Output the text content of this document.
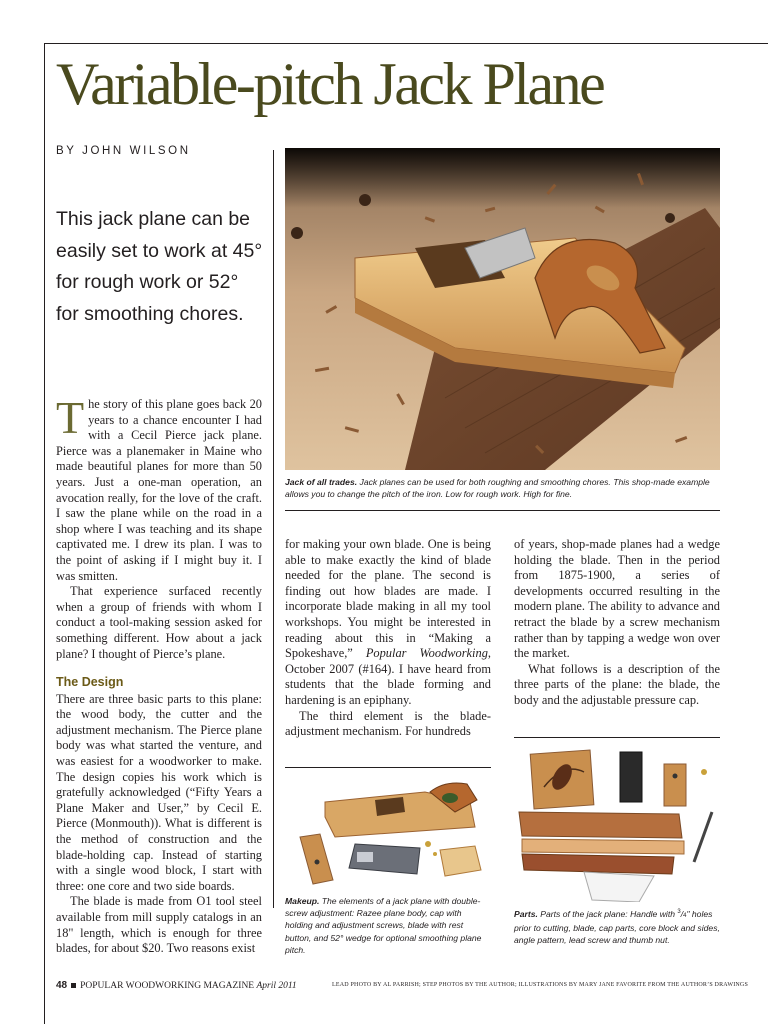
Variable-pitch Jack Plane
BY JOHN WILSON
This jack plane can be easily set to work at 45° for rough work or 52° for smoothing chores.

The story of this plane goes back 20 years to a chance encounter I had with a Cecil Pierce jack plane. Pierce was a planemaker in Maine who made beautiful planes for more than 50 years. Just a one-man operation, an avocation really, for the love of the craft. I saw the plane while on the road in a shop where I was teaching and its shape captivated me. I drew its plan. I was to the point of asking if I might buy it. I was smitten.

That experience surfaced recently when a group of friends with whom I conduct a tool-making session asked for something different. How about a jack plane? I thought of Pierce’s plane.

The Design

There are three basic parts to this plane: the wood body, the cutter and the adjustment mechanism. The Pierce plane body was what started the venture, and was easiest for a woodworker to make. The design copies his work which is gratefully acknowledged (“Fifty Years a Plane Maker and User,” by Cecil E. Pierce (Monmouth)). What is different is the method of construction and the blade-holding cap. Instead of starting with a single wood block, I start with three: one core and two side boards.

The blade is made from O1 tool steel available from mill supply catalogs in an 18" length, which is enough for three blades, for about $20. Two reasons exist

Jack of all trades. Jack planes can be used for both roughing and smoothing chores. This shop-made example allows you to change the pitch of the iron. Low for rough work. High for fine.

for making your own blade. One is being able to make exactly the kind of blade needed for the plane. The second is finding out how blades are made. I incorporate blade making in all my tool workshops. You might be interested in reading about this in “Making a Spokeshave,” Popular Woodworking, October 2007 (#164). I have heard from students that the blade forming and hardening is an epiphany.

The third element is the blade-adjustment mechanism. For hundreds

of years, shop-made planes had a wedge holding the blade. Then in the period from 1875-1900, a series of developments occurred resulting in the modern plane. The ability to advance and retract the blade by a screw mechanism rather than by tapping a wedge won over the market.

What follows is a description of the three parts of the plane: the blade, the body and the adjustable pressure cap.

Makeup. The elements of a jack plane with double-screw adjustment: Razee plane body, cap with holding and adjustment screws, blade with rest button, and 52° wedge for optional smoothing plane pitch.
Parts. Parts of the jack plane: Handle with $^3$/4" holes prior to cutting, blade, cap parts, core block and sides, angle pattern, lead screw and thumb nut.
48 POPULAR WOODWORKING MAGAZINE April 2011	LEAD PHOTO BY AL PARRISH; STEP PHOTOS BY THE AUTHOR; ILLUSTRATIONS BY MARY JANE FAVORITE FROM THE AUTHOR’S DRAWINGS
